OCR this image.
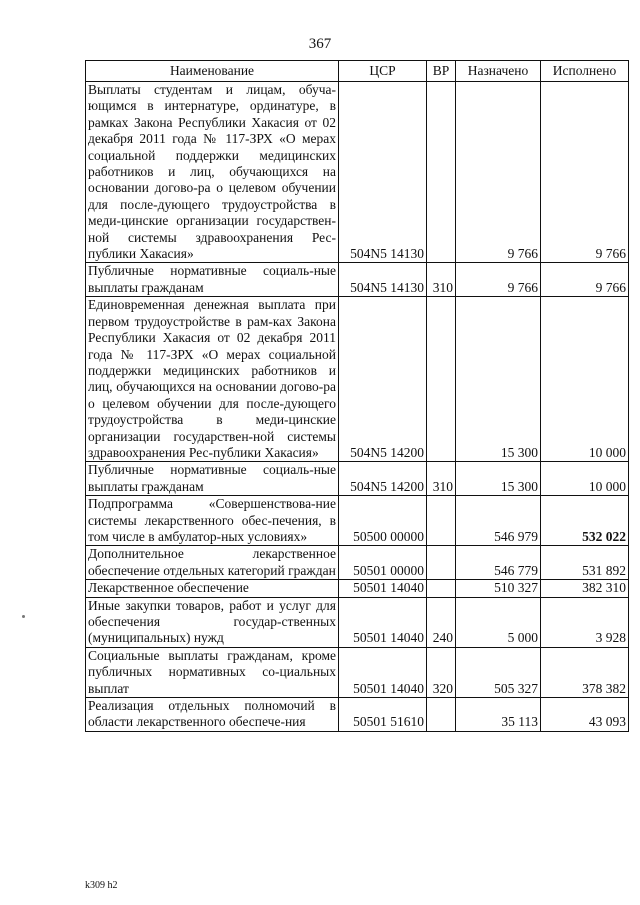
367
Наименование	ЦСР	ВР	Назначено	Исполнено
Выплаты студентам и лицам, обуча-ющимся в интернатуре, ординатуре, в рамках Закона Республики Хакасия от 02 декабря 2011 года № 117-ЗРХ «О мерах социальной поддержки медицинских работников и лиц, обучающихся на основании догово-ра о целевом обучении для после-дующего трудоустройства в меди-цинские организации государствен-ной системы здравоохранения Рес-публики Хакасия»	504N5 14130		9 766	9 766
Публичные нормативные социаль-ные выплаты гражданам	504N5 14130	310	9 766	9 766
Единовременная денежная выплата при первом трудоустройстве в рам-ках Закона Республики Хакасия от 02 декабря 2011 года № 117-ЗРХ «О мерах социальной поддержки медицинских работников и лиц, обучающихся на основании догово-ра о целевом обучении для после-дующего трудоустройства в меди-цинские организации государствен-ной системы здравоохранения Рес-публики Хакасия»	504N5 14200		15 300	10 000
Публичные нормативные социаль-ные выплаты гражданам	504N5 14200	310	15 300	10 000
Подпрограмма «Совершенствова-ние системы лекарственного обес-печения, в том числе в амбулатор-ных условиях»	50500 00000		546 979	532 022
Дополнительное лекарственное обеспечение отдельных категорий граждан	50501 00000		546 779	531 892
Лекарственное обеспечение	50501 14040		510 327	382 310
Иные закупки товаров, работ и услуг для обеспечения государ-ственных (муниципальных) нужд	50501 14040	240	5 000	3 928
Социальные выплаты гражданам, кроме публичных нормативных со-циальных выплат	50501 14040	320	505 327	378 382
Реализация отдельных полномочий в области лекарственного обеспече-ния	50501 51610		35 113	43 093
k309 h2
